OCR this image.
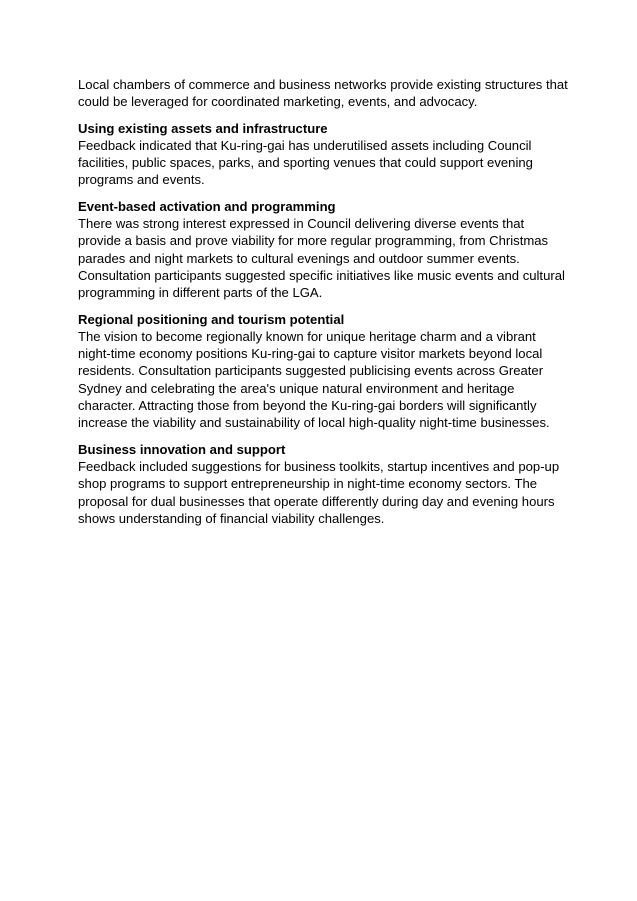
Local chambers of commerce and business networks provide existing structures that could be leveraged for coordinated marketing, events, and advocacy.

Using existing assets and infrastructure

Feedback indicated that Ku-ring-gai has underutilised assets including Council facilities, public spaces, parks, and sporting venues that could support evening programs and events.

Event-based activation and programming

There was strong interest expressed in Council delivering diverse events that provide a basis and prove viability for more regular programming, from Christmas parades and night markets to cultural evenings and outdoor summer events. Consultation participants suggested specific initiatives like music events and cultural programming in different parts of the LGA.

Regional positioning and tourism potential

The vision to become regionally known for unique heritage charm and a vibrant night-time economy positions Ku-ring-gai to capture visitor markets beyond local residents. Consultation participants suggested publicising events across Greater Sydney and celebrating the area's unique natural environment and heritage character. Attracting those from beyond the Ku-ring-gai borders will significantly increase the viability and sustainability of local high-quality night-time businesses.

Business innovation and support

Feedback included suggestions for business toolkits, startup incentives and pop-up shop programs to support entrepreneurship in night-time economy sectors. The proposal for dual businesses that operate differently during day and evening hours shows understanding of financial viability challenges.
